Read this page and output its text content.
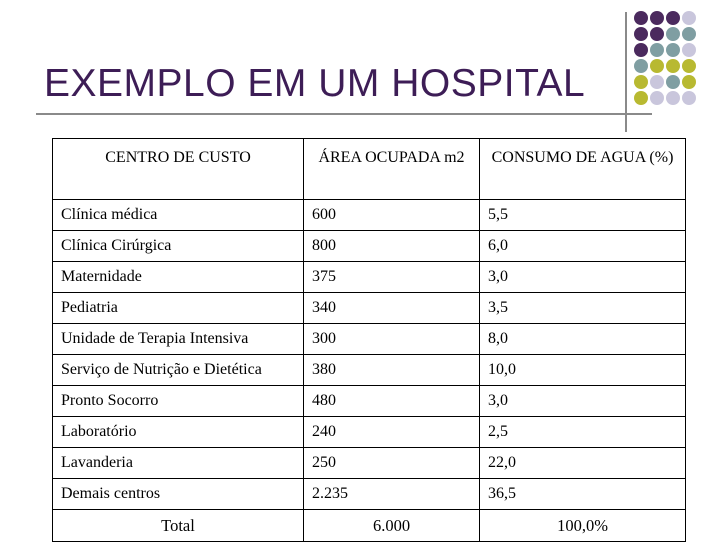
EXEMPLO EM UM HOSPITAL
CENTRO DE CUSTO	ÁREA OCUPADA m2	CONSUMO DE AGUA (%)
Clínica médica	600	5,5
Clínica Cirúrgica	800	6,0
Maternidade	375	3,0
Pediatria	340	3,5
Unidade de Terapia Intensiva	300	8,0
Serviço de Nutrição e Dietética	380	10,0
Pronto Socorro	480	3,0
Laboratório	240	2,5
Lavanderia	250	22,0
Demais centros	2.235	36,5
Total	6.000	100,0%
